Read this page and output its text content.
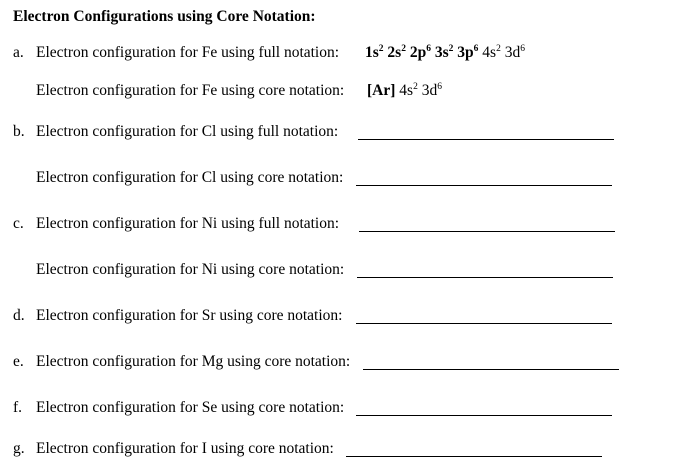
Electron Configurations using Core Notation:
a. Electron configuration for Fe using full notation: $1s^2$ $2s^2$ $2p^6$ $3s^2$ $3p^6$ $4s^2$ $3d^6$
Electron configuration for Fe using core notation: [Ar] $4s^2$ $3d^6$
b. Electron configuration for Cl using full notation:
Electron configuration for Cl using core notation:
c. Electron configuration for Ni using full notation:
Electron configuration for Ni using core notation:
d. Electron configuration for Sr using core notation:
e. Electron configuration for Mg using core notation:
f. Electron configuration for Se using core notation:
g. Electron configuration for I using core notation:
